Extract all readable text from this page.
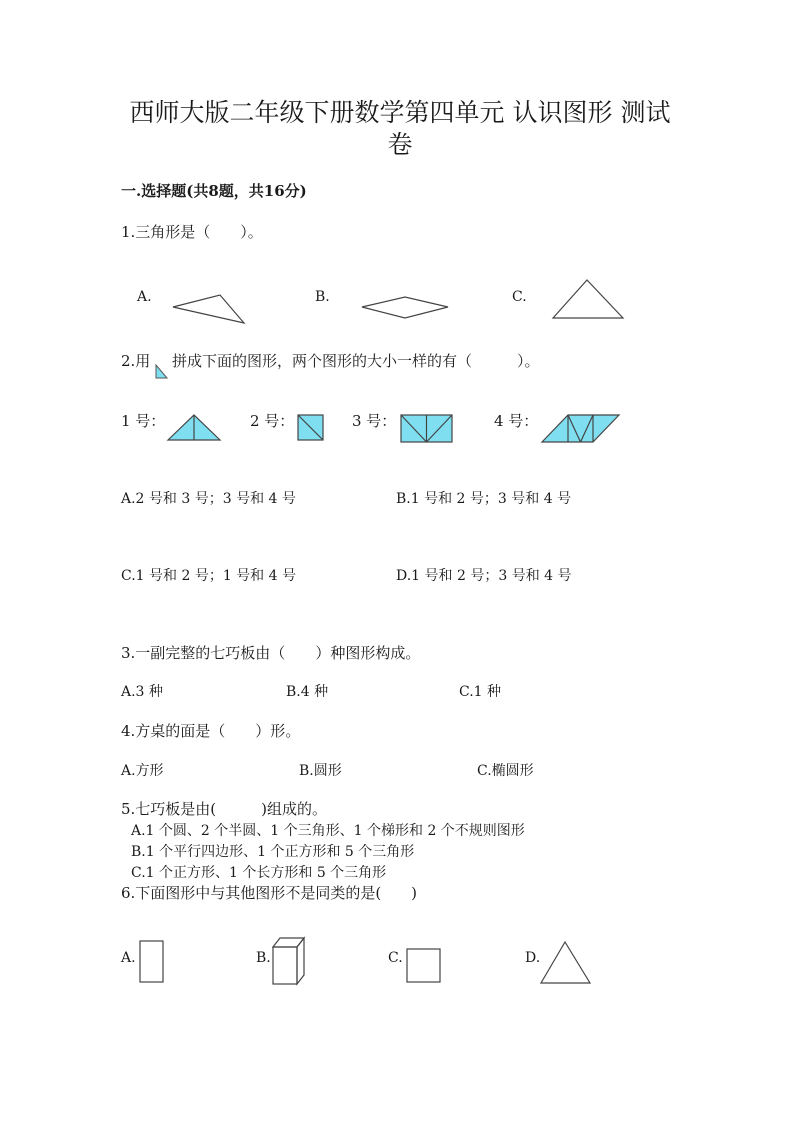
西师大版二年级下册数学第四单元 认识图形 测试
卷
一.选择题(共8题，共16分)
1.三角形是（　　）。
A.	B.	C.
2.用 拼成下面的图形，两个图形的大小一样的有（　　　）。
1 号：	2 号：	3 号：	4 号：
A.2 号和 3 号；3 号和 4 号	B.1 号和 2 号；3 号和 4 号
C.1 号和 2 号；1 号和 4 号	D.1 号和 2 号；3 号和 4 号
3.一副完整的七巧板由（　　）种图形构成。
A.3 种	B.4 种	C.1 种
4.方桌的面是（　　）形。
A.方形	B.圆形	C.椭圆形
5.七巧板是由(　　　)组成的。
A.1 个圆、2 个半圆、1 个三角形、1 个梯形和 2 个不规则图形
B.1 个平行四边形、1 个正方形和 5 个三角形
C.1 个正方形、1 个长方形和 5 个三角形
6.下面图形中与其他图形不是同类的是(　　)
A.	B.	C.	D.
